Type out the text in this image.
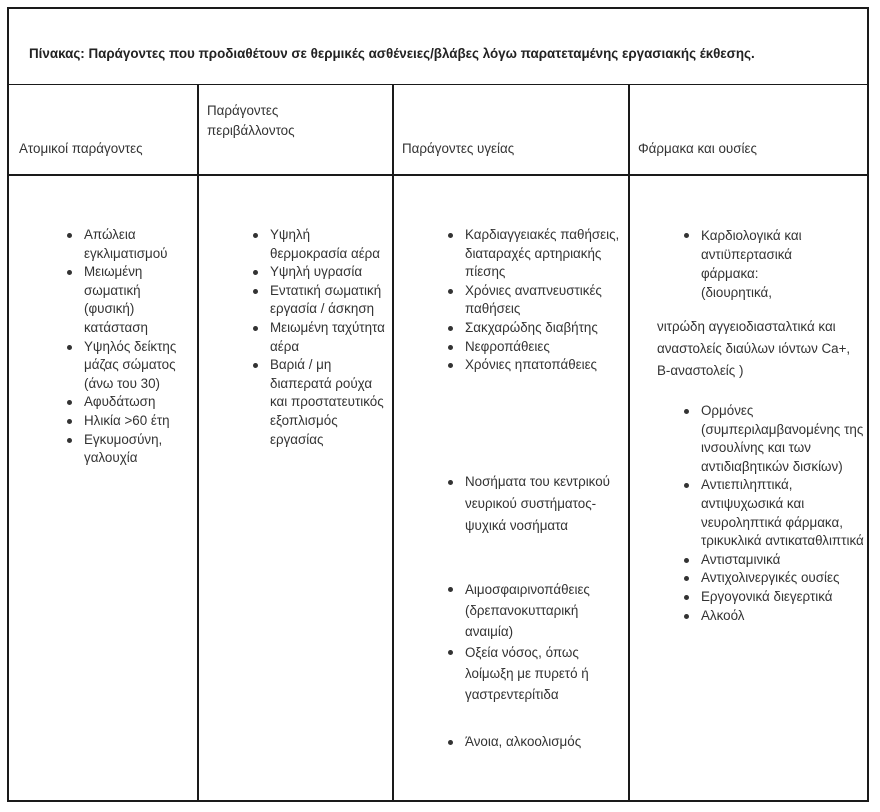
Πίνακας: Παράγοντες που προδιαθέτουν σε θερμικές ασθένειες/βλάβες λόγω παρατεταμένης εργασιακής έκθεσης.
Ατομικοί παράγοντες
Παράγοντες περιβάλλοντος
Παράγοντες υγείας	Φάρμακα και ουσίες
Απώλεια εγκλιματισμού
Μειωμένη σωματική (φυσική) κατάσταση
Υψηλός δείκτης μάζας σώματος (άνω του 30)
Αφυδάτωση
Ηλικία >60 έτη
Εγκυμοσύνη, γαλουχία
Υψηλή θερμοκρασία αέρα
Υψηλή υγρασία
Εντατική σωματική εργασία / άσκηση
Μειωμένη ταχύτητα αέρα
Βαριά / μη διαπερατά ρούχα και προστατευτικός εξοπλισμός εργασίας
Καρδιαγγειακές παθήσεις, διαταραχές αρτηριακής πίεσης
Χρόνιες αναπνευστικές παθήσεις
Σακχαρώδης διαβήτης
Νεφροπάθειες
Χρόνιες ηπατοπάθειες
Νοσήματα του κεντρικού νευρικού συστήματος-ψυχικά νοσήματα
Αιμοσφαιρινοπάθειες (δρεπανοκυτταρική αναιμία)
Οξεία νόσος, όπως λοίμωξη με πυρετό ή γαστρεντερίτιδα
Άνοια, αλκοολισμός
Καρδιολογικά και αντιϋπερτασικά φάρμακα: (διουρητικά,
νιτρώδη αγγειοδιασταλτικά και αναστολείς διαύλων ιόντων Ca+, Β-αναστολείς )
Ορμόνες (συμπεριλαμβανομένης της ινσουλίνης και των αντιδιαβητικών δισκίων)
Αντιεπιληπτικά, αντιψυχωσικά και νευροληπτικά φάρμακα, τρικυκλικά αντικαταθλιπτικά
Αντισταμινικά
Αντιχολινεργικές ουσίες
Εργογονικά διεγερτικά
Αλκοόλ
